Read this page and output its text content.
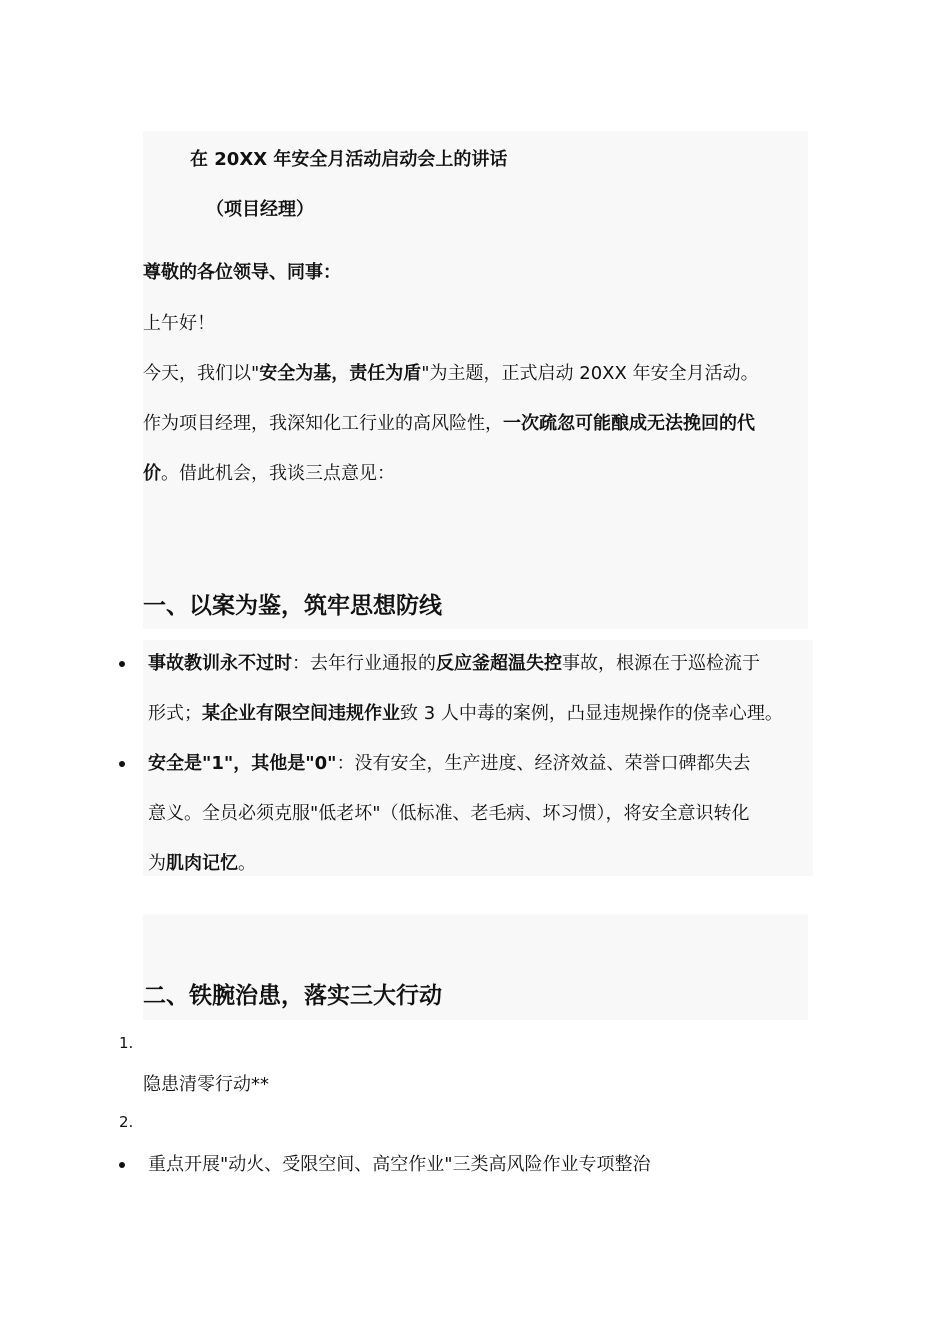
在 20XX 年安全月活动启动会上的讲话
（项目经理）
尊敬的各位领导、同事：
上午好！
今天，我们以"安全为基，责任为盾"为主题，正式启动 20XX 年安全月活动。
作为项目经理，我深知化工行业的高风险性，一次疏忽可能酿成无法挽回的代
价。借此机会，我谈三点意见：
一、以案为鉴，筑牢思想防线
事故教训永不过时：去年行业通报的反应釜超温失控事故，根源在于巡检流于
形式；某企业有限空间违规作业致 3 人中毒的案例，凸显违规操作的侥幸心理。
安全是"1"，其他是"0"：没有安全，生产进度、经济效益、荣誉口碑都失去
意义。全员必须克服"低老坏"（低标准、老毛病、坏习惯），将安全意识转化
为肌肉记忆。
二、铁腕治患，落实三大行动
1.
隐患清零行动**
2.
重点开展"动火、受限空间、高空作业"三类高风险作业专项整治
